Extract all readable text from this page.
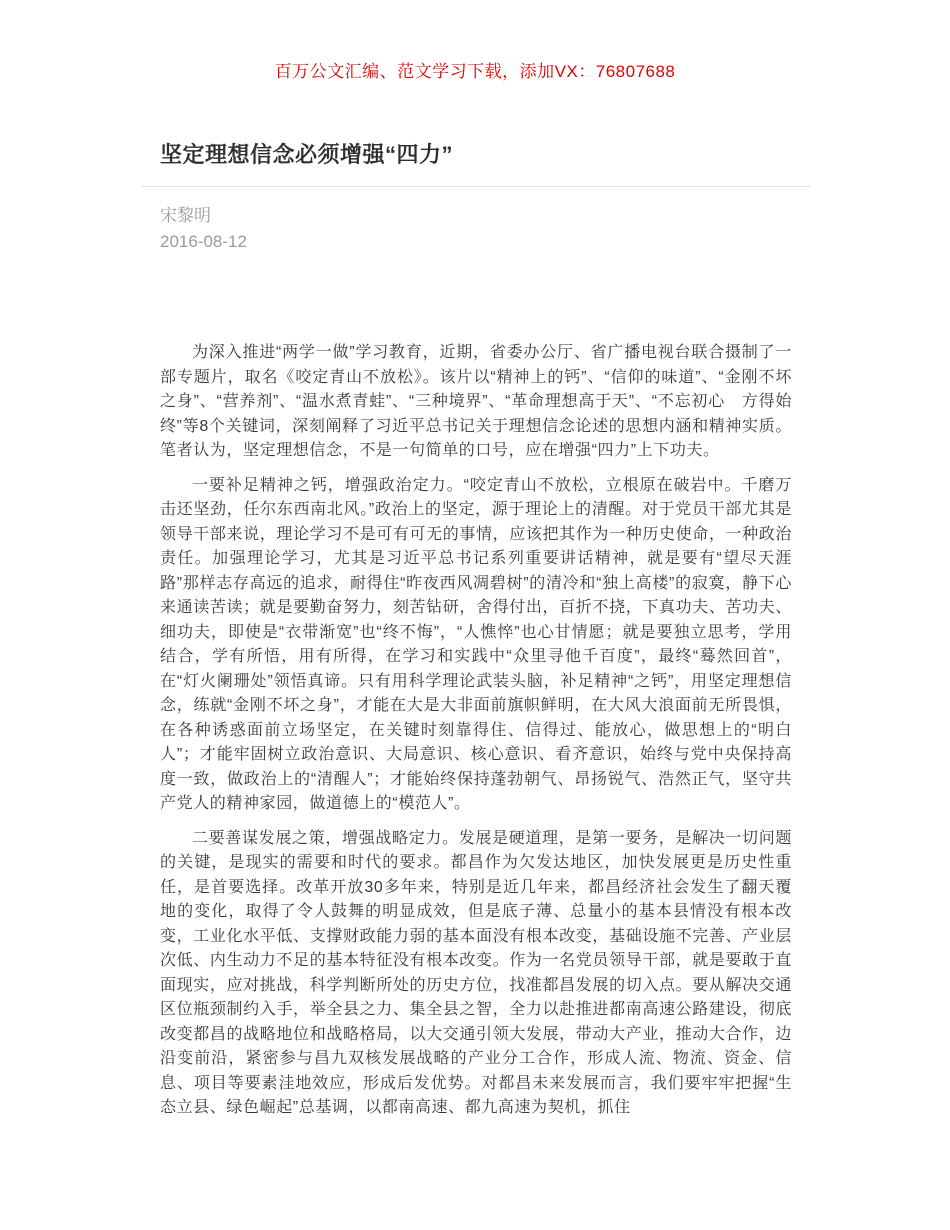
百万公文汇编、范文学习下载，添加VX：76807688
坚定理想信念必须增强“四力”
宋黎明
2016-08-12

为深入推进“两学一做”学习教育，近期，省委办公厅、省广播电视台联合摄制了一部专题片，取名《咬定青山不放松》。该片以“精神上的钙”、“信仰的味道”、“金刚不坏之身”、“营养剂”、“温水煮青蛙”、“三种境界”、“革命理想高于天”、“不忘初心　方得始终”等8个关键词，深刻阐释了习近平总书记关于理想信念论述的思想内涵和精神实质。笔者认为，坚定理想信念，不是一句简单的口号，应在增强“四力”上下功夫。

一要补足精神之钙，增强政治定力。“咬定青山不放松，立根原在破岩中。千磨万击还坚劲，任尔东西南北风。”政治上的坚定，源于理论上的清醒。对于党员干部尤其是领导干部来说，理论学习不是可有可无的事情，应该把其作为一种历史使命，一种政治责任。加强理论学习，尤其是习近平总书记系列重要讲话精神，就是要有“望尽天涯路”那样志存高远的追求，耐得住“昨夜西风凋碧树”的清冷和“独上高楼”的寂寞，静下心来通读苦读；就是要勤奋努力，刻苦钻研，舍得付出，百折不挠，下真功夫、苦功夫、细功夫，即使是“衣带渐宽”也“终不悔”，“人憔悴”也心甘情愿；就是要独立思考，学用结合，学有所悟，用有所得，在学习和实践中“众里寻他千百度”，最终“蓦然回首”，在“灯火阑珊处”领悟真谛。只有用科学理论武装头脑，补足精神“之钙”，用坚定理想信念，练就“金刚不坏之身”，才能在大是大非面前旗帜鲜明，在大风大浪面前无所畏惧，在各种诱惑面前立场坚定，在关键时刻靠得住、信得过、能放心，做思想上的“明白人”；才能牢固树立政治意识、大局意识、核心意识、看齐意识，始终与党中央保持高度一致，做政治上的“清醒人”；才能始终保持蓬勃朝气、昂扬锐气、浩然正气，坚守共产党人的精神家园，做道德上的“模范人”。

二要善谋发展之策，增强战略定力。发展是硬道理，是第一要务，是解决一切问题的关键，是现实的需要和时代的要求。都昌作为欠发达地区，加快发展更是历史性重任，是首要选择。改革开放30多年来，特别是近几年来，都昌经济社会发生了翻天覆地的变化，取得了令人鼓舞的明显成效，但是底子薄、总量小的基本县情没有根本改变，工业化水平低、支撑财政能力弱的基本面没有根本改变，基础设施不完善、产业层次低、内生动力不足的基本特征没有根本改变。作为一名党员领导干部，就是要敢于直面现实，应对挑战，科学判断所处的历史方位，找准都昌发展的切入点。要从解决交通区位瓶颈制约入手，举全县之力、集全县之智，全力以赴推进都南高速公路建设，彻底改变都昌的战略地位和战略格局，以大交通引领大发展，带动大产业，推动大合作，边沿变前沿，紧密参与昌九双核发展战略的产业分工合作，形成人流、物流、资金、信息、项目等要素洼地效应，形成后发优势。对都昌未来发展而言，我们要牢牢把握“生态立县、绿色崛起”总基调，以都南高速、都九高速为契机，抓住
